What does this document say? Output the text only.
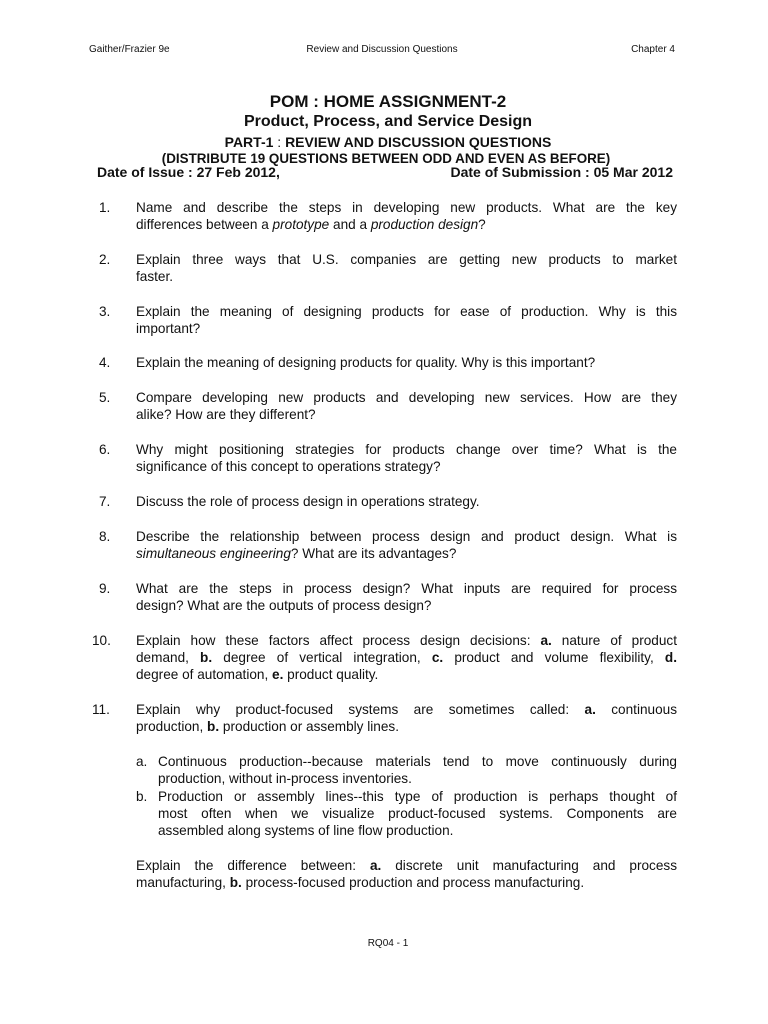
Gaither/Frazier 9e	Review and Discussion Questions	Chapter 4
POM : HOME ASSIGNMENT-2
Product, Process, and Service Design
PART-1 : REVIEW AND DISCUSSION QUESTIONS
(DISTRIBUTE 19 QUESTIONS BETWEEN ODD AND EVEN AS BEFORE)
Date of Issue : 27 Feb 2012,	Date of Submission : 05 Mar 2012
1.	Name and describe the steps in developing new products. What are the key
differences between a prototype and a production design?
2.	Explain three ways that U.S. companies are getting new products to market
faster.
3.	Explain the meaning of designing products for ease of production. Why is this
important?
4.	Explain the meaning of designing products for quality. Why is this important?
5.	Compare developing new products and developing new services. How are they
alike? How are they different?
6.	Why might positioning strategies for products change over time? What is the
significance of this concept to operations strategy?
7.	Discuss the role of process design in operations strategy.
8.	Describe the relationship between process design and product design. What is
simultaneous engineering? What are its advantages?
9.	What are the steps in process design? What inputs are required for process
design? What are the outputs of process design?
10.	Explain how these factors affect process design decisions: a. nature of product
demand, b. degree of vertical integration, c. product and volume flexibility, d.
degree of automation, e. product quality.
11.	Explain why product-focused systems are sometimes called: a. continuous
production, b. production or assembly lines.
a. Continuous production--because materials tend to move continuously during
production, without in-process inventories.
b. Production or assembly lines--this type of production is perhaps thought of
most often when we visualize product-focused systems. Components are
assembled along systems of line flow production.
Explain the difference between: a. discrete unit manufacturing and process
manufacturing, b. process-focused production and process manufacturing.
RQ04 - 1
